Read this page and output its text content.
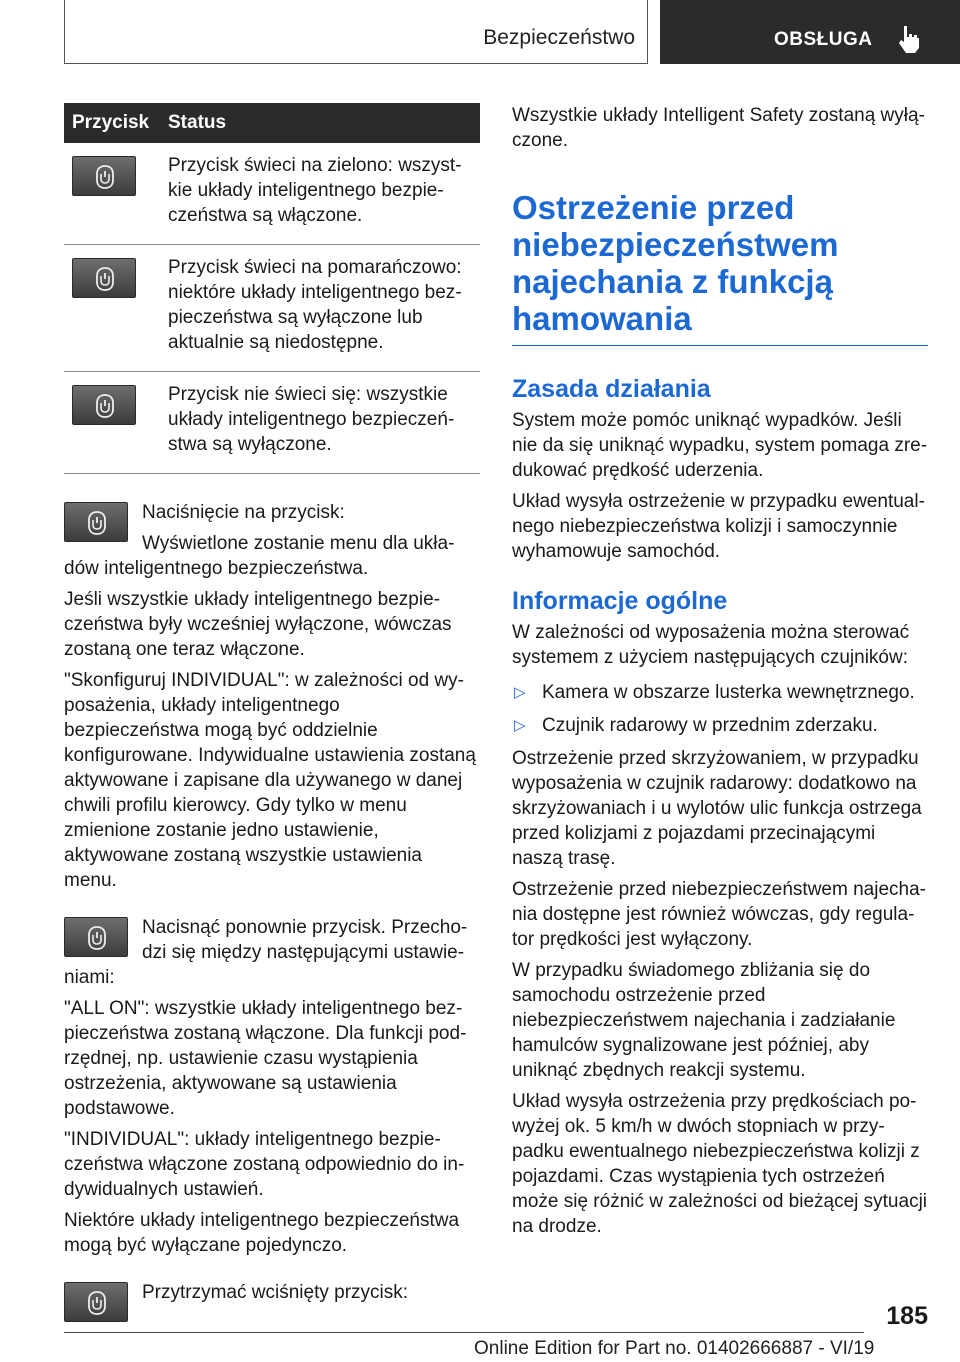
Bezpieczeństwo	OBSŁUGA
Przycisk	Status

	Przycisk świeci na zielono: wszystkie układy inteligentnego bezpieczeństwa są włączone.

	Przycisk świeci na pomarańczowo: niektóre układy inteligentnego bezpieczeństwa są wyłączone lub aktualnie są niedostępne.

	Przycisk nie świeci się: wszystkie układy inteligentnego bezpieczeństwa są wyłączone.

Naciśnięcie na przycisk:

Wyświetlone zostanie menu dla ukła-

dów inteligentnego bezpieczeństwa.

Jeśli wszystkie układy inteligentnego bezpieczeństwa były wcześniej wyłączone, wówczas zostaną one teraz włączone.

"Skonfiguruj INDIVIDUAL": w zależności od wyposażenia, układy inteligentnego bezpieczeństwa mogą być oddzielnie konfigurowane. Indywidualne ustawienia zostaną aktywowane i zapisane dla używanego w danej chwili profilu kierowcy. Gdy tylko w menu zmienione zostanie jedno ustawienie, aktywowane zostaną wszystkie ustawienia menu.

Nacisnąć ponownie przycisk. Przecho-

dzi się między następującymi ustawie-

niami:

"ALL ON": wszystkie układy inteligentnego bezpieczeństwa zostaną włączone. Dla funkcji podrzędnej, np. ustawienie czasu wystąpienia ostrzeżenia, aktywowane są ustawienia podstawowe.

"INDIVIDUAL": układy inteligentnego bezpieczeństwa włączone zostaną odpowiednio do indywidualnych ustawień.

Niektóre układy inteligentnego bezpieczeństwa mogą być wyłączane pojedynczo.

Przytrzymać wciśnięty przycisk:

Wszystkie układy Intelligent Safety zostaną wyłączone.

Ostrzeżenie przed niebezpieczeństwem najechania z funkcją hamowania
Zasada działania

System może pomóc uniknąć wypadków. Jeśli nie da się uniknąć wypadku, system pomaga zredukować prędkość uderzenia.

Układ wysyła ostrzeżenie w przypadku ewentualnego niebezpieczeństwa kolizji i samoczynnie wyhamowuje samochód.

Informacje ogólne

W zależności od wyposażenia można sterować systemem z użyciem następujących czujników:

▷ Kamera w obszarze lusterka wewnętrznego.
▷ Czujnik radarowy w przednim zderzaku.

Ostrzeżenie przed skrzyżowaniem, w przypadku wyposażenia w czujnik radarowy: dodatkowo na skrzyżowaniach i u wylotów ulic funkcja ostrzega przed kolizjami z pojazdami przecinającymi naszą trasę.

Ostrzeżenie przed niebezpieczeństwem najechania dostępne jest również wówczas, gdy regulator prędkości jest wyłączony.

W przypadku świadomego zbliżania się do samochodu ostrzeżenie przed niebezpieczeństwem najechania i zadziałanie hamulców sygnalizowane jest później, aby uniknąć zbędnych reakcji systemu.

Układ wysyła ostrzeżenia przy prędkościach powyżej ok. 5 km/h w dwóch stopniach w przypadku ewentualnego niebezpieczeństwa kolizji z pojazdami. Czas wystąpienia tych ostrzeżeń może się różnić w zależności od bieżącej sytuacji na drodze.

185
Online Edition for Part no. 01402666887 - VI/19
